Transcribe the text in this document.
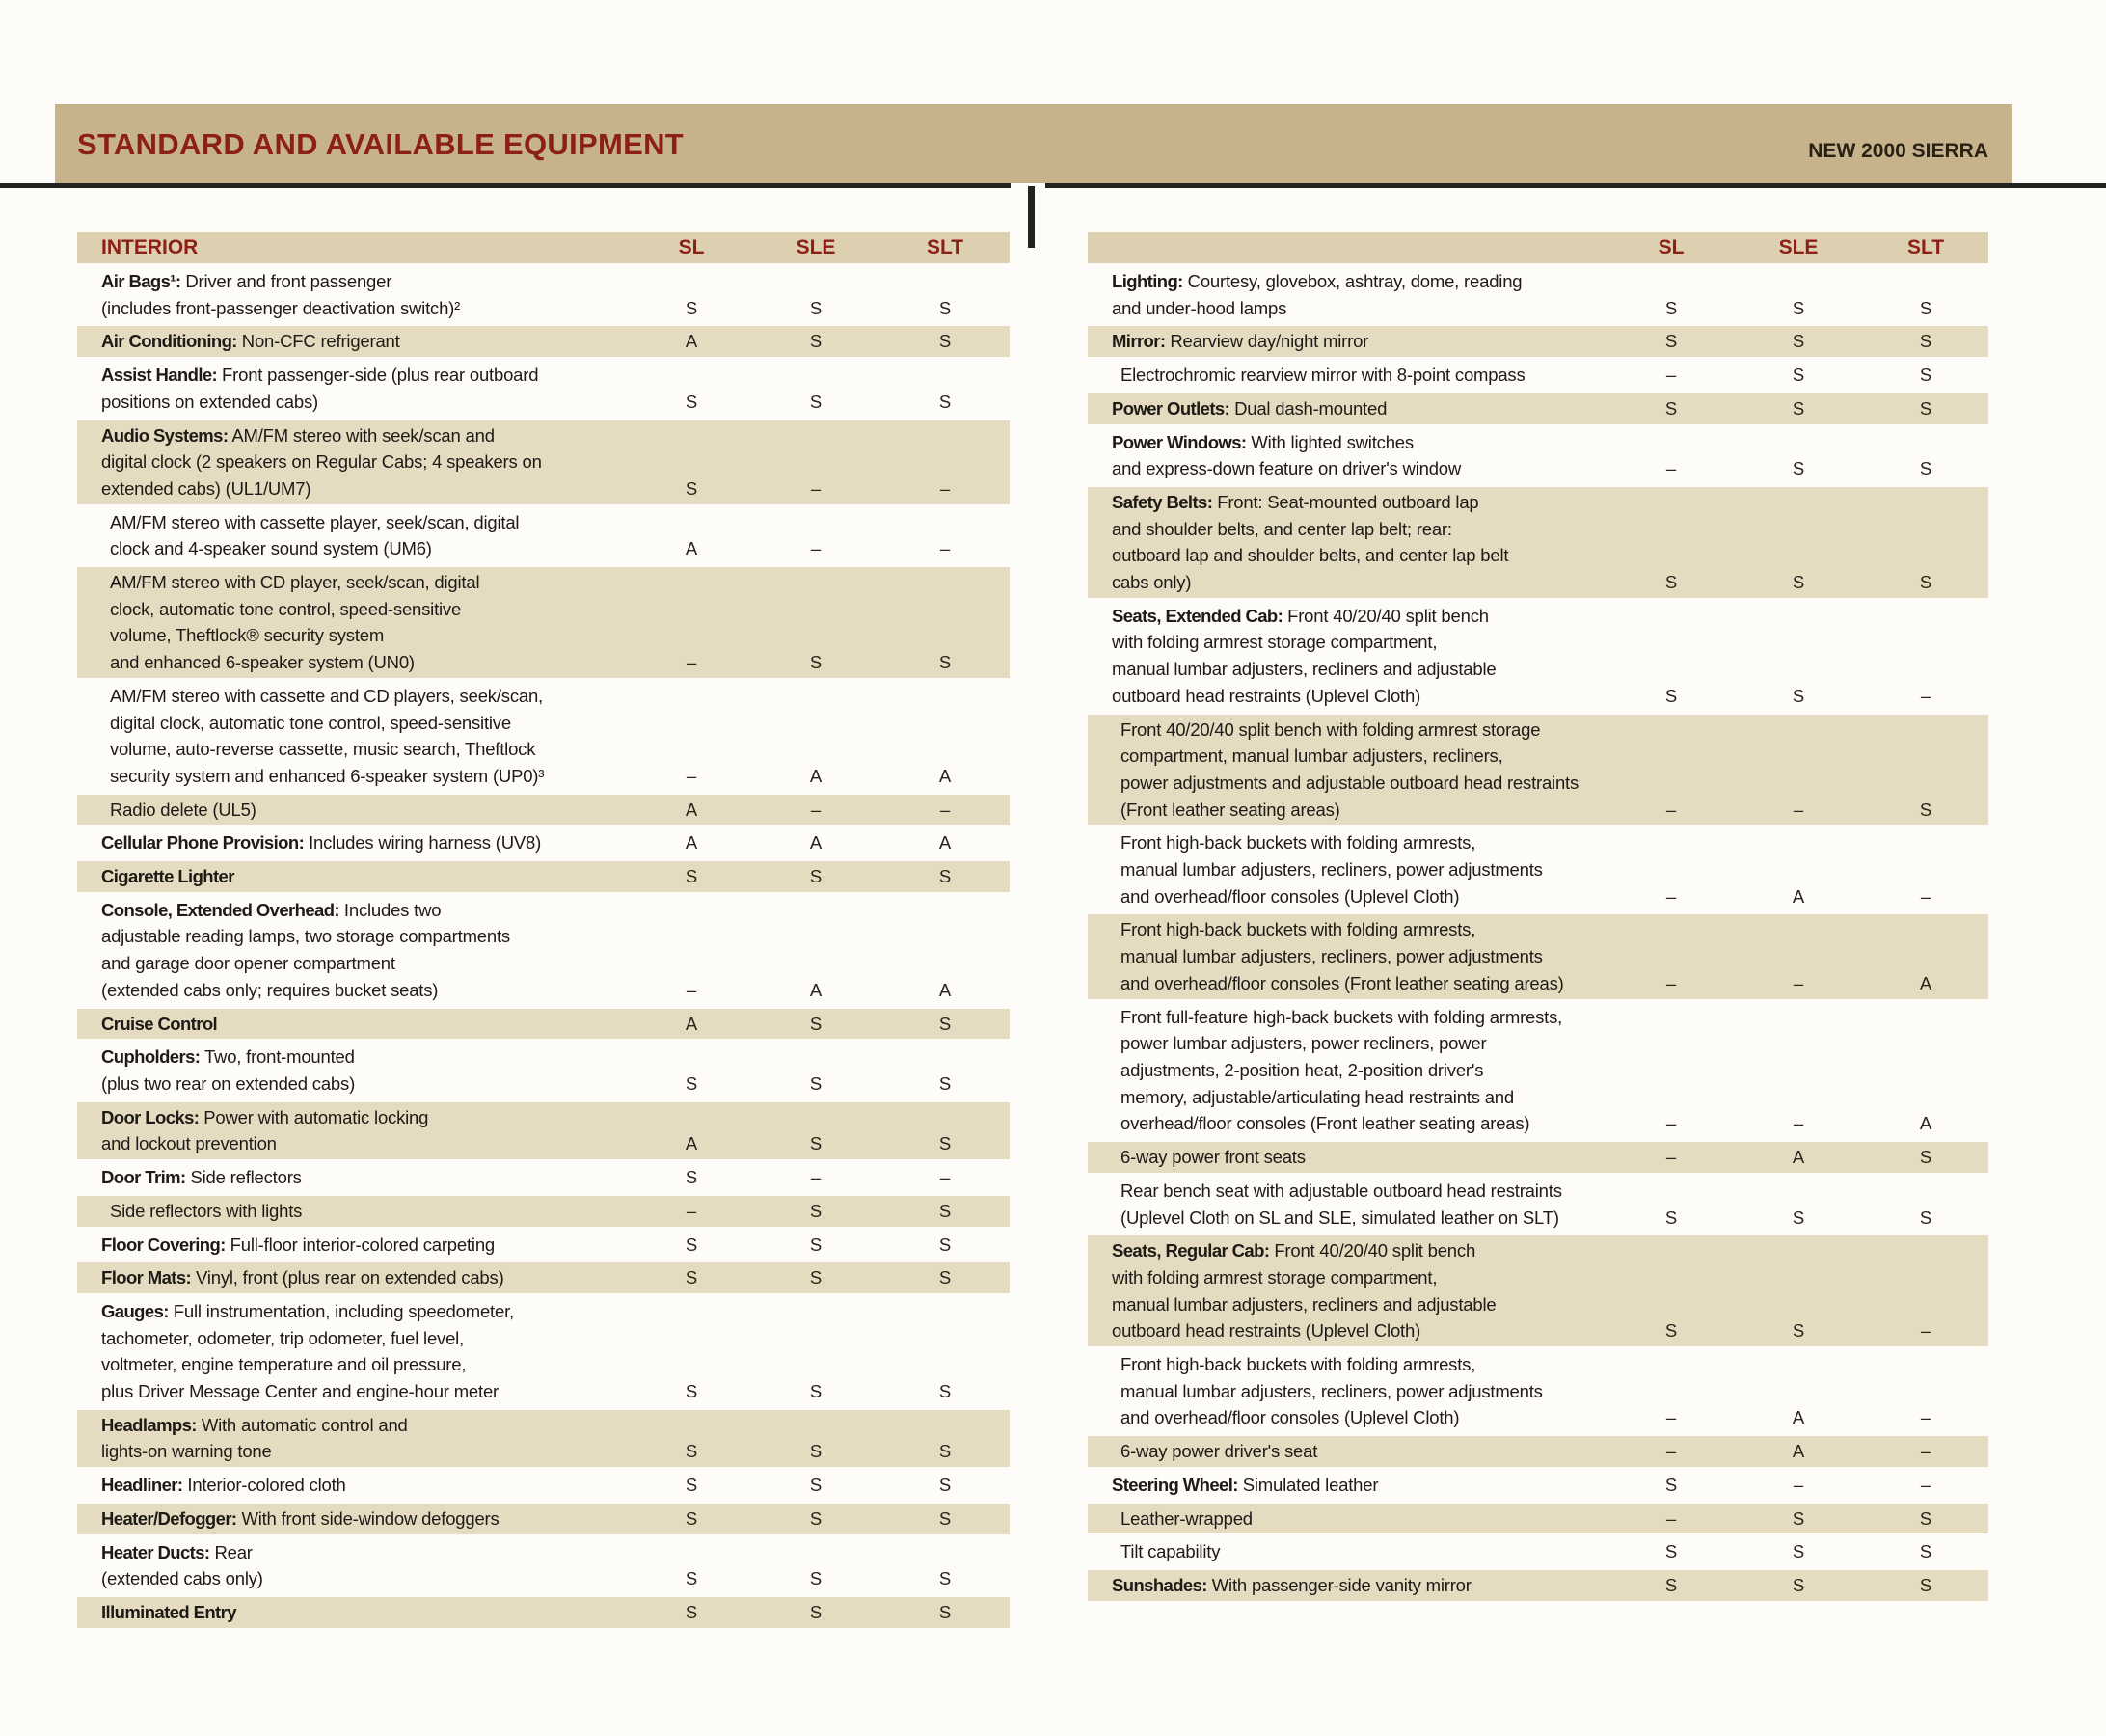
STANDARD AND AVAILABLE EQUIPMENT	NEW 2000 SIERRA
INTERIOR	SL	SLE	SLT
Air Bags¹: Driver and front passenger
(includes front-passenger deactivation switch)²	S	S	S
Air Conditioning: Non-CFC refrigerant	A	S	S
Assist Handle: Front passenger-side (plus rear outboard
positions on extended cabs)	S	S	S
Audio Systems: AM/FM stereo with seek/scan and
digital clock (2 speakers on Regular Cabs; 4 speakers on
extended cabs) (UL1/UM7)	S	–	–
AM/FM stereo with cassette player, seek/scan, digital
clock and 4-speaker sound system (UM6)	A	–	–
AM/FM stereo with CD player, seek/scan, digital
clock, automatic tone control, speed-sensitive
volume, Theftlock® security system
and enhanced 6-speaker system (UN0)	–	S	S
AM/FM stereo with cassette and CD players, seek/scan,
digital clock, automatic tone control, speed-sensitive
volume, auto-reverse cassette, music search, Theftlock
security system and enhanced 6-speaker system (UP0)³	–	A	A
Radio delete (UL5)	A	–	–
Cellular Phone Provision: Includes wiring harness (UV8)	A	A	A
Cigarette Lighter	S	S	S
Console, Extended Overhead: Includes two
adjustable reading lamps, two storage compartments
and garage door opener compartment
(extended cabs only; requires bucket seats)	–	A	A
Cruise Control	A	S	S
Cupholders: Two, front-mounted
(plus two rear on extended cabs)	S	S	S
Door Locks: Power with automatic locking
and lockout prevention	A	S	S
Door Trim: Side reflectors	S	–	–
Side reflectors with lights	–	S	S
Floor Covering: Full-floor interior-colored carpeting	S	S	S
Floor Mats: Vinyl, front (plus rear on extended cabs)	S	S	S
Gauges: Full instrumentation, including speedometer,
tachometer, odometer, trip odometer, fuel level,
voltmeter, engine temperature and oil pressure,
plus Driver Message Center and engine-hour meter	S	S	S
Headlamps: With automatic control and
lights-on warning tone	S	S	S
Headliner: Interior-colored cloth	S	S	S
Heater/Defogger: With front side-window defoggers	S	S	S
Heater Ducts: Rear
(extended cabs only)	S	S	S
Illuminated Entry	S	S	S
	SL	SLE	SLT
Lighting: Courtesy, glovebox, ashtray, dome, reading
and under-hood lamps	S	S	S
Mirror: Rearview day/night mirror	S	S	S
Electrochromic rearview mirror with 8-point compass	–	S	S
Power Outlets: Dual dash-mounted	S	S	S
Power Windows: With lighted switches
and express-down feature on driver's window	–	S	S
Safety Belts: Front: Seat-mounted outboard lap
and shoulder belts, and center lap belt; rear:
outboard lap and shoulder belts, and center lap belt
cabs only)	S	S	S
Seats, Extended Cab: Front 40/20/40 split bench
with folding armrest storage compartment,
manual lumbar adjusters, recliners and adjustable
outboard head restraints (Uplevel Cloth)	S	S	–
Front 40/20/40 split bench with folding armrest storage
compartment, manual lumbar adjusters, recliners,
power adjustments and adjustable outboard head restraints
(Front leather seating areas)	–	–	S
Front high-back buckets with folding armrests,
manual lumbar adjusters, recliners, power adjustments
and overhead/floor consoles (Uplevel Cloth)	–	A	–
Front high-back buckets with folding armrests,
manual lumbar adjusters, recliners, power adjustments
and overhead/floor consoles (Front leather seating areas)	–	–	A
Front full-feature high-back buckets with folding armrests,
power lumbar adjusters, power recliners, power
adjustments, 2-position heat, 2-position driver's
memory, adjustable/articulating head restraints and
overhead/floor consoles (Front leather seating areas)	–	–	A
6-way power front seats	–	A	S
Rear bench seat with adjustable outboard head restraints
(Uplevel Cloth on SL and SLE, simulated leather on SLT)	S	S	S
Seats, Regular Cab: Front 40/20/40 split bench
with folding armrest storage compartment,
manual lumbar adjusters, recliners and adjustable
outboard head restraints (Uplevel Cloth)	S	S	–
Front high-back buckets with folding armrests,
manual lumbar adjusters, recliners, power adjustments
and overhead/floor consoles (Uplevel Cloth)	–	A	–
6-way power driver's seat	–	A	–
Steering Wheel: Simulated leather	S	–	–
Leather-wrapped	–	S	S
Tilt capability	S	S	S
Sunshades: With passenger-side vanity mirror	S	S	S
